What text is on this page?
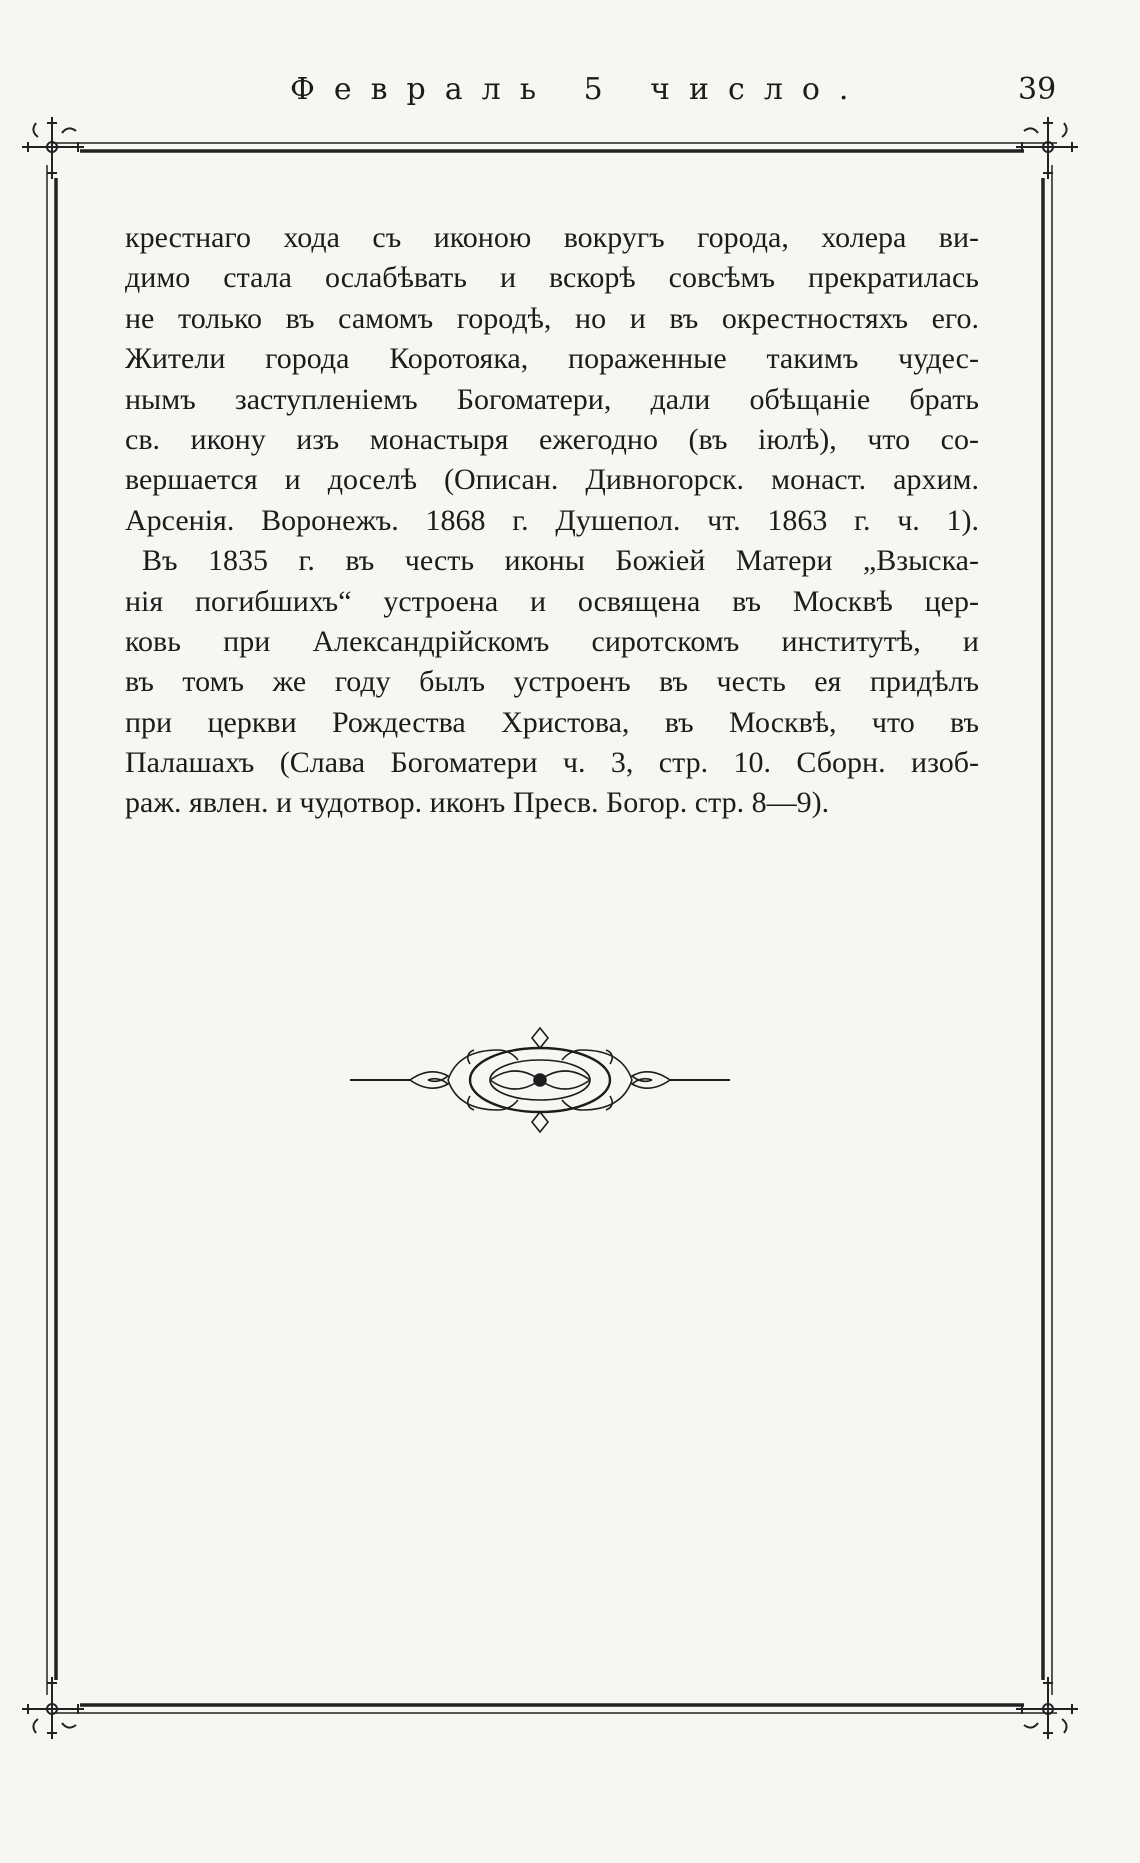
Февраль 5 число.	39
крестнаго хода съ иконою вокругъ города, холера ви-
димо стала ослабѣвать и вскорѣ совсѣмъ прекратилась
не только въ самомъ городѣ, но и въ окрестностяхъ его.
Жители города Коротояка, пораженные такимъ чудес-
нымъ заступленіемъ Богоматери, дали обѣщаніе брать
св. икону изъ монастыря ежегодно (въ іюлѣ), что со-
вершается и доселѣ (Описан. Дивногорск. монаст. архим.
Арсенія. Воронежъ. 1868 г. Душепол. чт. 1863 г. ч. 1).
Въ 1835 г. въ честь иконы Божіей Матери „Взыска-
нія погибшихъ“ устроена и освящена въ Москвѣ цер-
ковь при Александрійскомъ сиротскомъ институтѣ, и
въ томъ же году былъ устроенъ въ честь ея придѣлъ
при церкви Рождества Христова, въ Москвѣ, что въ
Палашахъ (Слава Богоматери ч. 3, стр. 10. Сборн. изоб-
раж. явлен. и чудотвор. иконъ Пресв. Богор. стр. 8—9).
